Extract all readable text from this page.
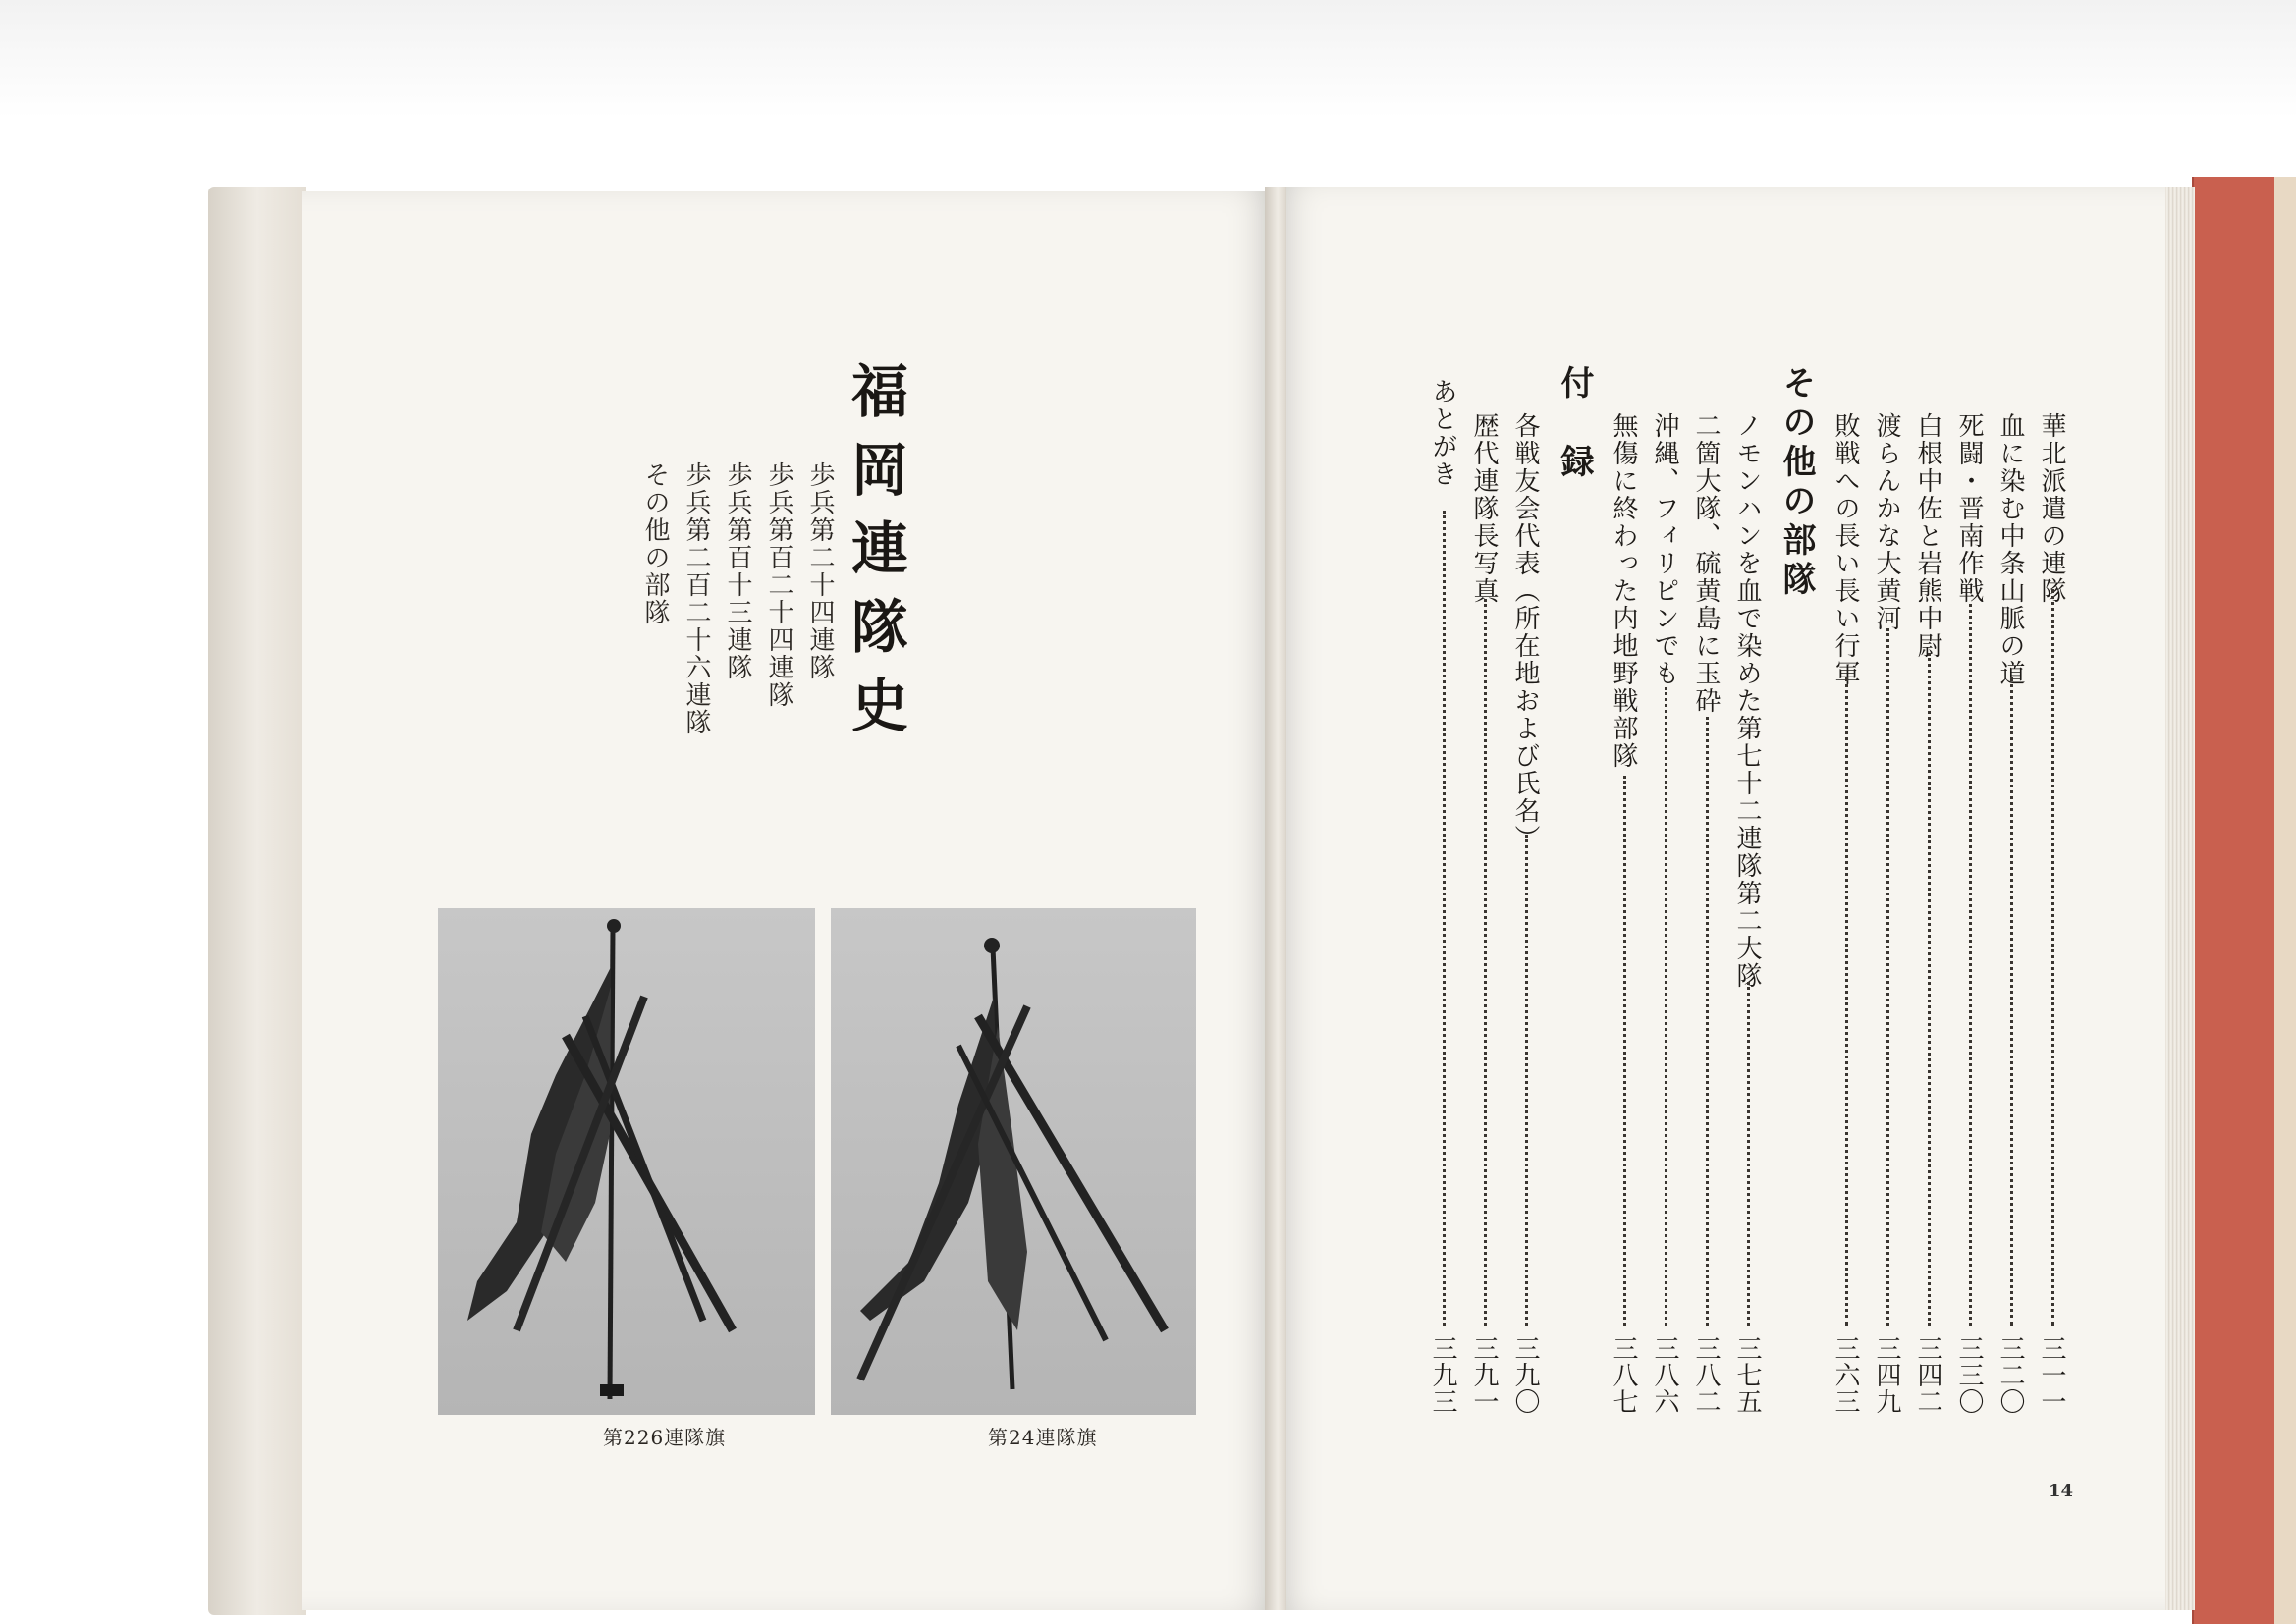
福岡連隊史
歩兵第二十四連隊
歩兵第百二十四連隊
歩兵第百十三連隊
歩兵第二百二十六連隊
その他の部隊
第226連隊旗	第24連隊旗
華北派遣の連隊
三一一
血に染む中条山脈の道
三二〇
死闘・晋南作戦
三三〇
白根中佐と岩熊中尉
三四二
渡らんかな大黄河
三四九
敗戦への長い長い行軍
三六三
その他の部隊
ノモンハンを血で染めた第七十二連隊第二大隊
三七五
二箇大隊、硫黄島に玉砕
三八二
沖縄、フィリピンでも
三八六
無傷に終わった内地野戦部隊
三八七
付　録
各戦友会代表（所在地および氏名）
三九〇
歴代連隊長写真
三九一
あとがき
三九三
14
